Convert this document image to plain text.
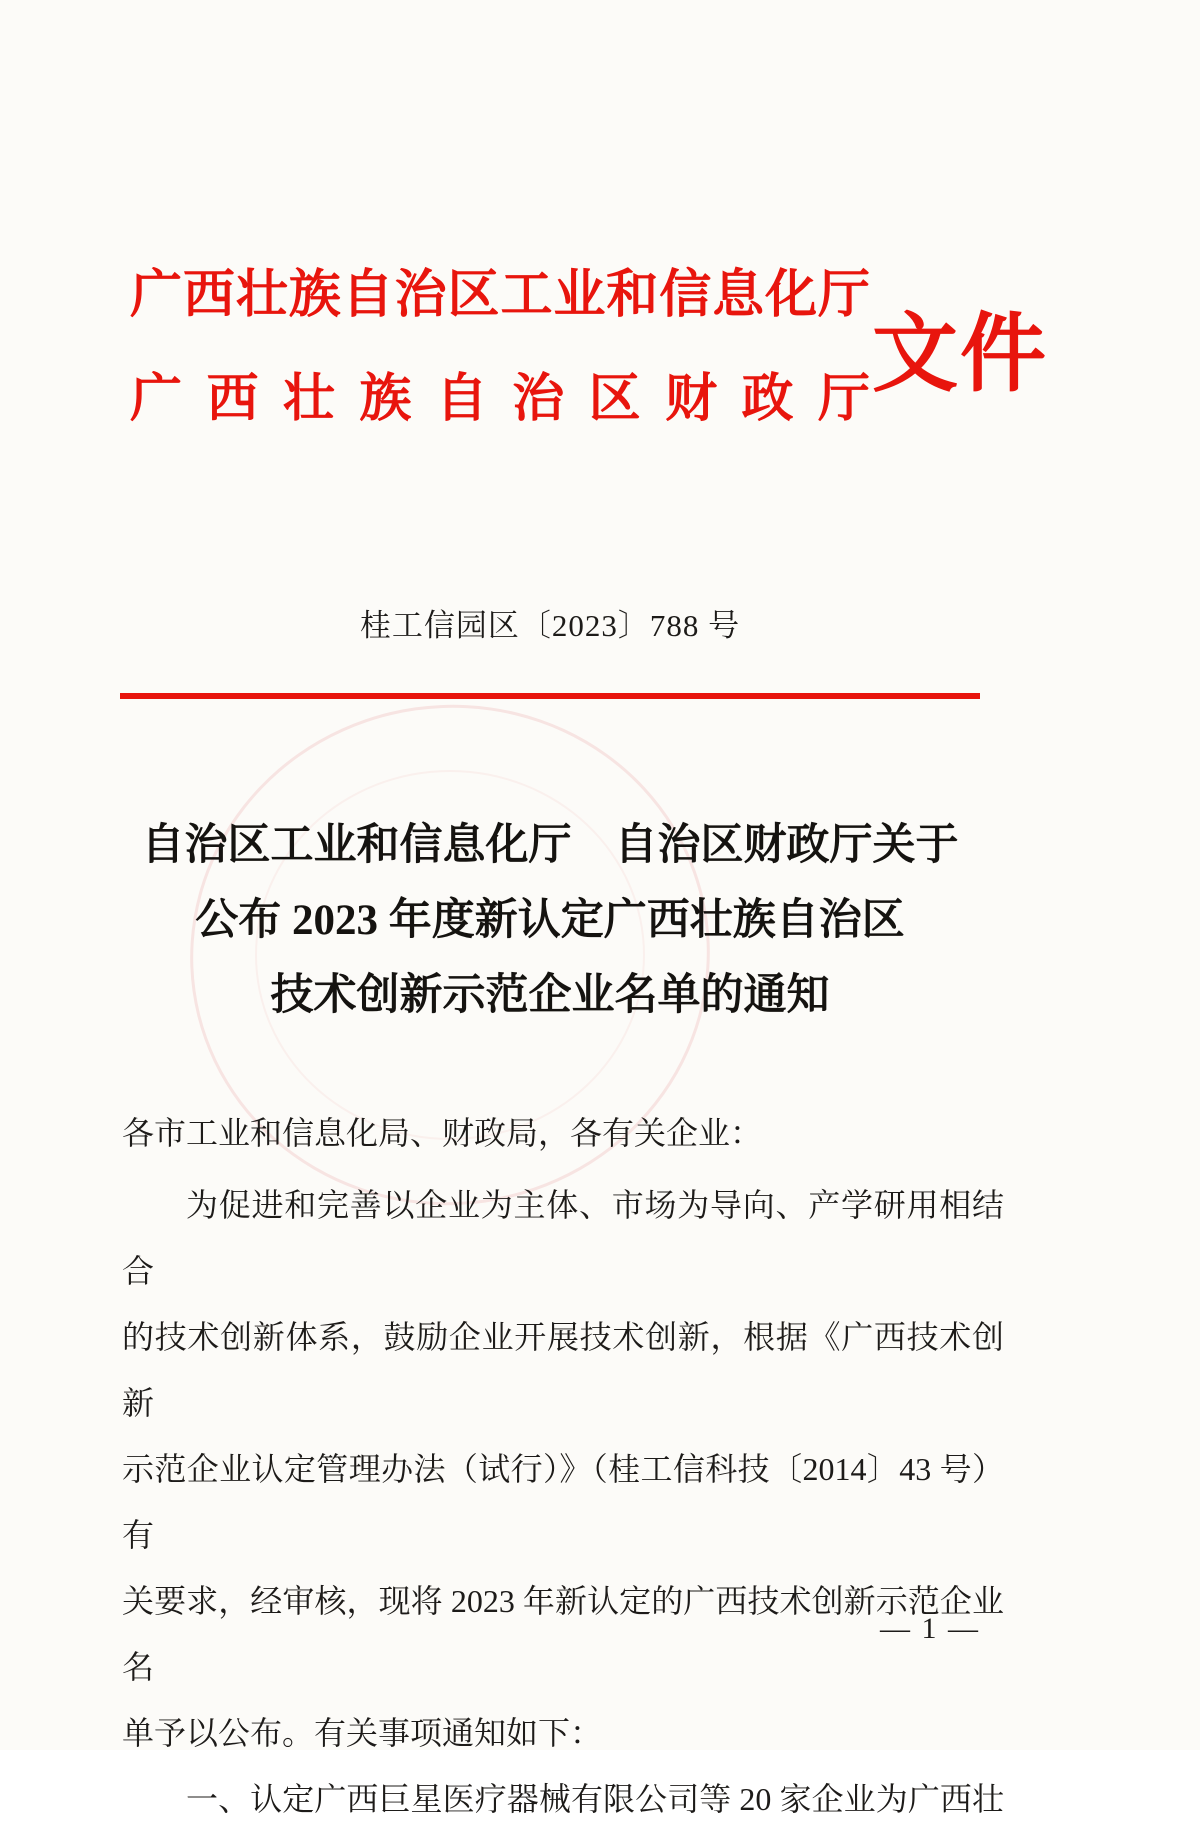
广西壮族自治区工业和信息化厅
广西壮族自治区财政厅 文件
桂工信园区〔2023〕788 号
自治区工业和信息化厅　自治区财政厅关于
公布 2023 年度新认定广西壮族自治区
技术创新示范企业名单的通知
各市工业和信息化局、财政局，各有关企业：
为促进和完善以企业为主体、市场为导向、产学研用相结合
的技术创新体系，鼓励企业开展技术创新，根据《广西技术创新
示范企业认定管理办法（试行）》（桂工信科技〔2014〕43 号）有
关要求，经审核，现将 2023 年新认定的广西技术创新示范企业名
单予以公布。有关事项通知如下：
一、认定广西巨星医疗器械有限公司等 20 家企业为广西壮
— 1 —
